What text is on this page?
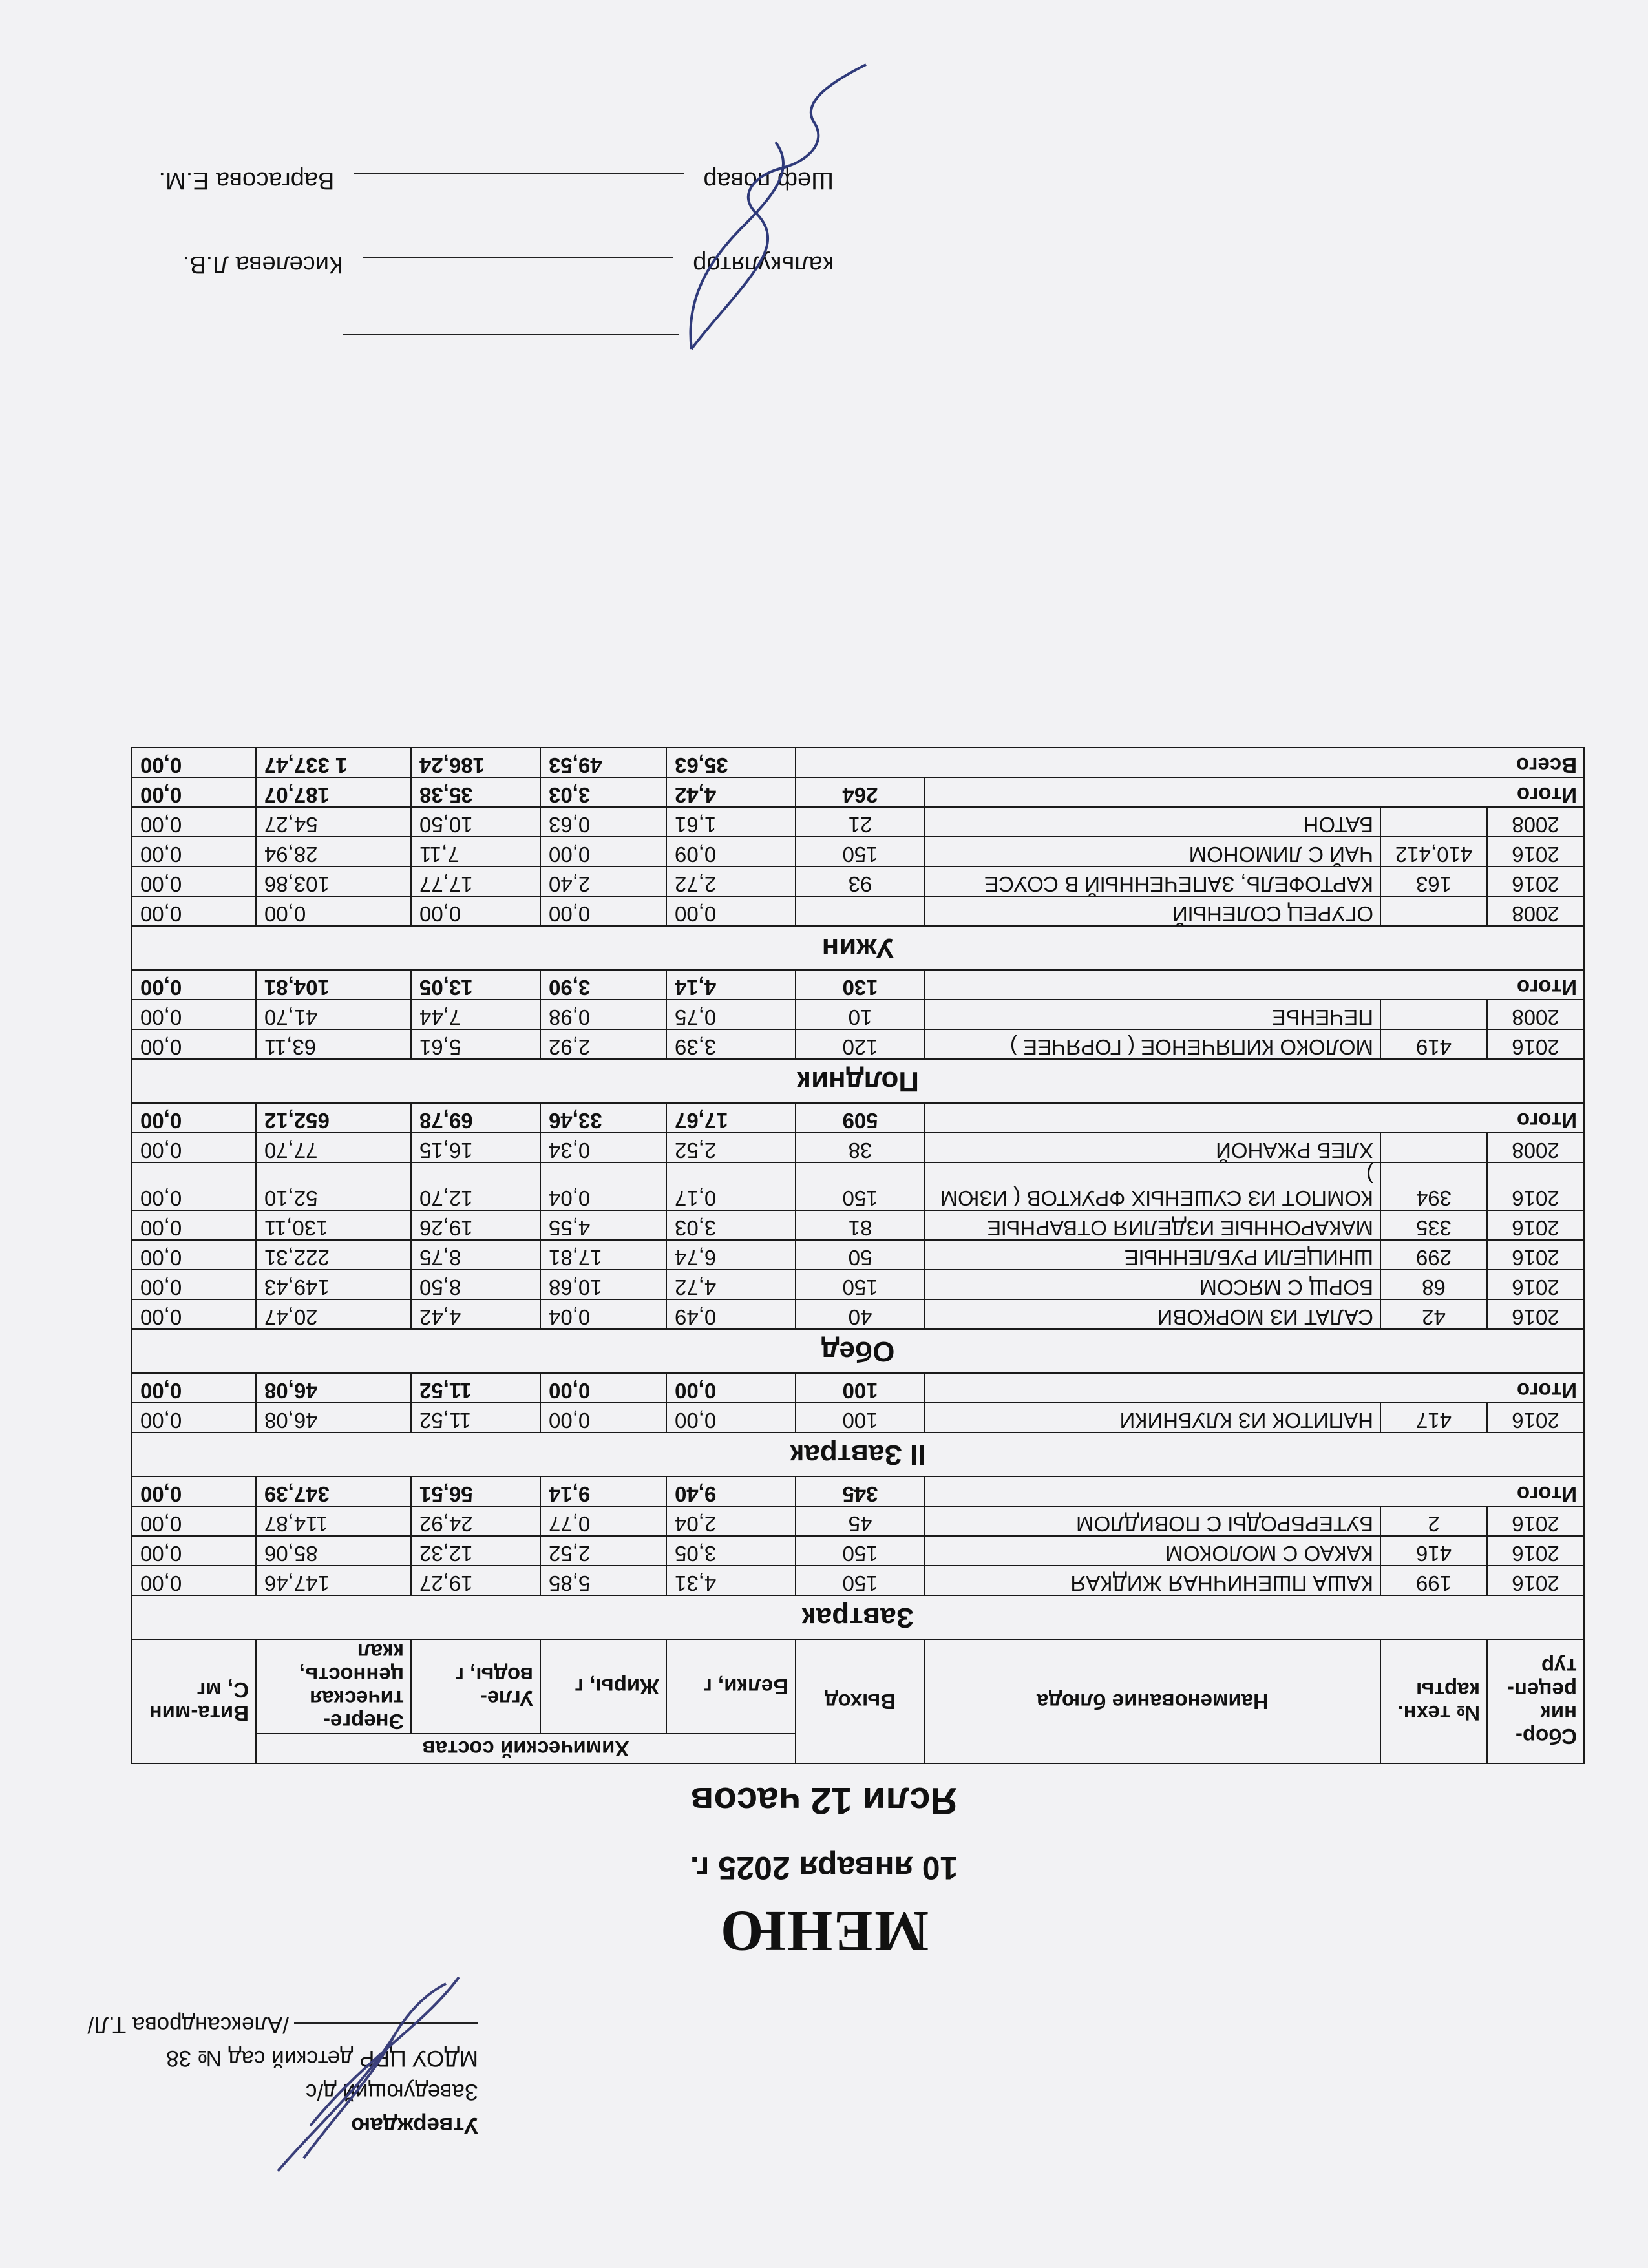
Утверждаю
Заведующий д/с
МДОУ ЦРР детский сад № 38
/Александрова Т.Л/
МЕНЮ
10 января 2025 г.
Ясли 12 часов
Сбор-ник рецеп-тур	№ техн. карты	Наименование блюда	Выход	Химический состав				Вита-мин С, мг
				Белки, г	Жиры, г	Угле-воды, г	Энерге-тическая ценность, ккал	
Завтрак								
2016	199	КАША ПШЕНИЧНАЯ ЖИДКАЯ	150	4,31	5,85	19,27	147,46	0,00
2016	416	КАКАО С МОЛОКОМ	150	3,05	2,52	12,32	85,06	0,00
2016	2	БУТЕРБРОДЫ С ПОВИДЛОМ	45	2,04	0,77	24,92	114,87	0,00
Итого			345	9,40	9,14	56,51	347,39	0,00
II Завтрак								
2016	417	НАПИТОК ИЗ КЛУБНИКИ	100	0,00	0,00	11,52	46,08	0,00
Итого			100	0,00	0,00	11,52	46,08	0,00
Обед								
2016	42	САЛАТ ИЗ МОРКОВИ	40	0,49	0,04	4,42	20,47	0,00
2016	68	БОРЩ С МЯСОМ	150	4,72	10,68	8,50	149,43	0,00
2016	299	ШНИЦЕЛИ РУБЛЕННЫЕ	50	6,74	17,81	8,75	222,31	0,00
2016	335	МАКАРОННЫЕ ИЗДЕЛИЯ ОТВАРНЫЕ	81	3,03	4,55	19,26	130,11	0,00
2016	394	КОМПОТ ИЗ СУШЕНЫХ ФРУКТОВ ( ИЗЮМ )	150	0,17	0,04	12,70	52,10	0,00
2008		ХЛЕБ РЖАНОЙ	38	2,52	0,34	16,15	77,70	0,00
Итого			509	17,67	33,46	69,78	652,12	0,00
Полдник								
2016	419	МОЛОКО КИПЯЧЕНОЕ ( ГОРЯЧЕЕ )	120	3,39	2,92	5,61	63,11	0,00
2008		ПЕЧЕНЬЕ	10	0,75	0,98	7,44	41,70	0,00
Итого			130	4,14	3,90	13,05	104,81	0,00
Ужин								
2008		ОГУРЕЦ СОЛЕНЫЙ		0,00	0,00	0,00	0,00	0,00
2016	163	КАРТОФЕЛЬ, ЗАПЕЧЕННЫЙ В СОУСЕ	93	2,72	2,40	17,77	103,86	0,00
2016	410,412	ЧАЙ С ЛИМОНОМ	150	0,09	0,00	7,11	28,94	0,00
2008		БАТОН	21	1,61	0,63	10,50	54,27	0,00
Итого			264	4,42	3,03	35,38	187,07	0,00
Всего				35,63	49,53	186,24	1 337,47	0,00
калькулятор  Киселева Л.В.
Шеф повар  Варгасова Е.М.
